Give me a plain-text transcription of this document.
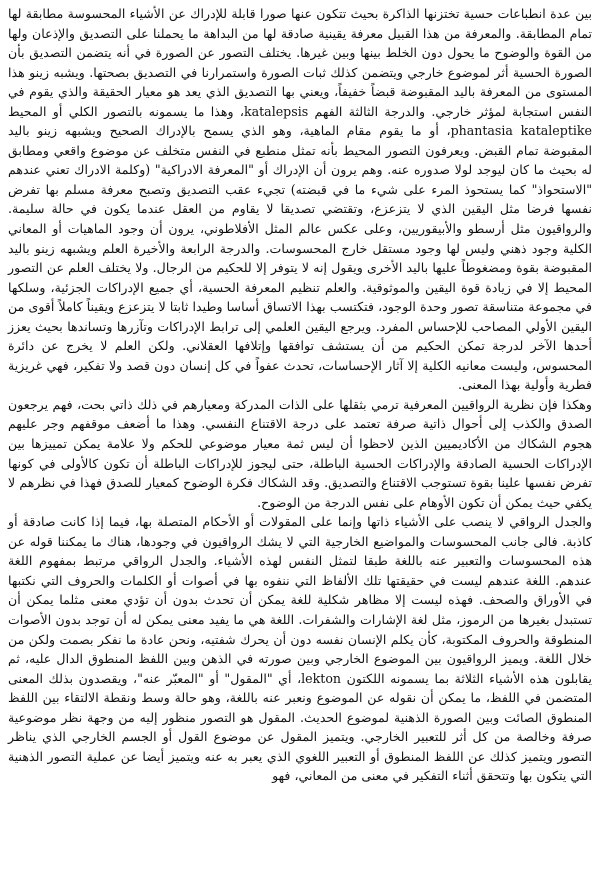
بين عدة انطباعات حسية تختزنها الذاكرة بحيث تتكون عنها صورا قابلة للإدراك عن الأشياء المحسوسة مطابقة لها تمام المطابقة. والمعرفة من هذا القبيل معرفة يقينية صادقة لها من البداهة ما يحملنا على التصديق والإذعان ولها من القوة والوضوح ما يحول دون الخلط بينها وبين غيرها. يختلف التصور عن الصورة في أنه يتضمن التصديق بأن الصورة الحسية أثر لموضوع خارجي ويتضمن كذلك ثبات الصورة واستمرارنا في التصديق بصحتها. ويشبه زينو هذا المستوى من المعرفة باليد المقبوضة قبضاً خفيفاً، ويعني بها التصديق الذي يعد هو معيار الحقيقة والذي يقوم في النفس استجابة لمؤثر خارجي. والدرجة الثالثة الفهم katalepsis، وهذا ما يسمونه بالتصور الكلي أو المحيط phantasia kataleptike، أو ما يقوم مقام الماهية، وهو الذي يسمح بالإدراك الصحيح ويشبهه زينو باليد المقبوضة تمام القبض. ويعرفون التصور المحيط بأنه تمثل منطبع في النفس متخلف عن موضوع واقعي ومطابق له بحيث ما كان ليوجد لولا صدوره عنه. وهم يرون أن الإدراك أو "المعرفة الادراكية" (وكلمة الادراك تعني عندهم "الاستحواذ" كما يستحوذ المرء على شيء ما في قبضته) تجيء عقب التصديق وتصبح معرفة مسلم بها تفرض نفسها فرضا مثل اليقين الذي لا يتزعزع، وتقتضي تصديقا لا يقاوم من العقل عندما يكون في حالة سليمة. والرواقيون مثل أرسطو والأبيقوريين، وعلى عكس عالم المثل الأفلاطوني، يرون أن وجود الماهيات أو المعاني الكلية وجود ذهني وليس لها وجود مستقل خارج المحسوسات. والدرجة الرابعة والأخيرة العلم ويشبهه زينو باليد المقبوضة بقوة ومضغوطاً عليها باليد الأخرى ويقول إنه لا يتوفر إلا للحكيم من الرجال. ولا يختلف العلم عن التصور المحيط إلا في زيادة قوة اليقين والموثوقية. والعلم تنظيم المعرفة الحسية، أي جميع الإدراكات الجزئية، وسلكها في مجموعة متناسقة تصور وحدة الوجود، فتكتسب بهذا الاتساق أساسا وطيدا ثابتا لا يتزعزع ويقيناً كاملاً أقوى من اليقين الأولي المصاحب للإحساس المفرد. ويرجع اليقين العلمي إلى ترابط الإدراكات وتآزرها وتساندها بحيث يعزز أحدها الآخر لدرجة تمكن الحكيم من أن يستشف توافقها وإتلافها العقلاني. ولكن العلم لا يخرج عن دائرة المحسوس، وليست معانيه الكلية إلا آثار الإحساسات، تحدث عفواً في كل إنسان دون قصد ولا تفكير، فهي غريزية فطرية وأولية بهذا المعنى.

وهكذا فإن نظرية الرواقيين المعرفية ترمي بثقلها على الذات المدركة ومعيارهم في ذلك ذاتي بحت، فهم يرجعون الصدق والكذب إلى أحوال ذاتية صرفة تعتمد على درجة الاقتناع النفسي. وهذا ما أضعف موقفهم وجر عليهم هجوم الشكاك من الأكاديميين الذين لاحظوا أن ليس ثمة معيار موضوعي للحكم ولا علامة يمكن تمييزها بين الإدراكات الحسية الصادقة والإدراكات الحسية الباطلة، حتى ليجوز للإدراكات الباطلة أن تكون كالأولى في كونها تفرض نفسها علينا بقوة تستوجب الاقتناع والتصديق. وقد الشكاك فكرة الوضوح كمعيار للصدق فهذا في نظرهم لا يكفي حيث يمكن أن تكون الأوهام على نفس الدرجة من الوضوح.

والجدل الرواقي لا ينصب على الأشياء ذاتها وإنما على المقولات أو الأحكام المتصلة بها، فيما إذا كانت صادقة أو كاذبة. فالى جانب المحسوسات والمواضيع الخارجية التي لا يشك الرواقيون في وجودها، هناك ما يمكننا قوله عن هذه المحسوسات والتعبير عنه باللغة طبقا لتمثل النفس لهذه الأشياء. والجدل الرواقي مرتبط بمفهوم اللغة عندهم. اللغة عندهم ليست في حقيقتها تلك الألفاظ التي ننفوه بها في أصوات أو الكلمات والحروف التي نكتبها في الأوراق والصحف. فهذه ليست إلا مظاهر شكلية للغة يمكن أن تحدث بدون أن تؤدي معنى مثلما يمكن أن تستبدل بغيرها من الرموز، مثل لغة الإشارات والشفرات. اللغة هي ما يفيد معنى يمكن له أن توجد بدون الأصوات المنطوقة والحروف المكتوبة، كأن يكلم الإنسان نفسه دون أن يحرك شفتيه، ونحن عادة ما نفكر بصمت ولكن من خلال اللغة. ويميز الرواقيون بين الموضوع الخارجي وبين صورته في الذهن وبين اللفظ المنطوق الدال عليه، ثم يقابلون هذه الأشياء الثلاثة بما يسمونه اللكتون lekton، أي "المقول" أو "المعبّر عنه"، ويقصدون بذلك المعنى المتضمن في اللفظ، ما يمكن أن نقوله عن الموضوع ونعبر عنه باللغة، وهو حالة وسط ونقطة الالتقاء بين اللفظ المنطوق الصائت وبين الصورة الذهنية لموضوع الحديث. المقول هو التصور منظور إليه من وجهة نظر موضوعية صرفة وخالصة من كل أثر للتعبير الخارجي. ويتميز المقول عن موضوع القول أو الجسم الخارجي الذي يناظر التصور ويتميز كذلك عن اللفظ المنطوق أو التعبير اللغوي الذي يعبر به عنه ويتميز أيضا عن عملية التصور الذهنية التي يتكون بها وتتحقق أثناء التفكير في معنى من المعاني، فهو
